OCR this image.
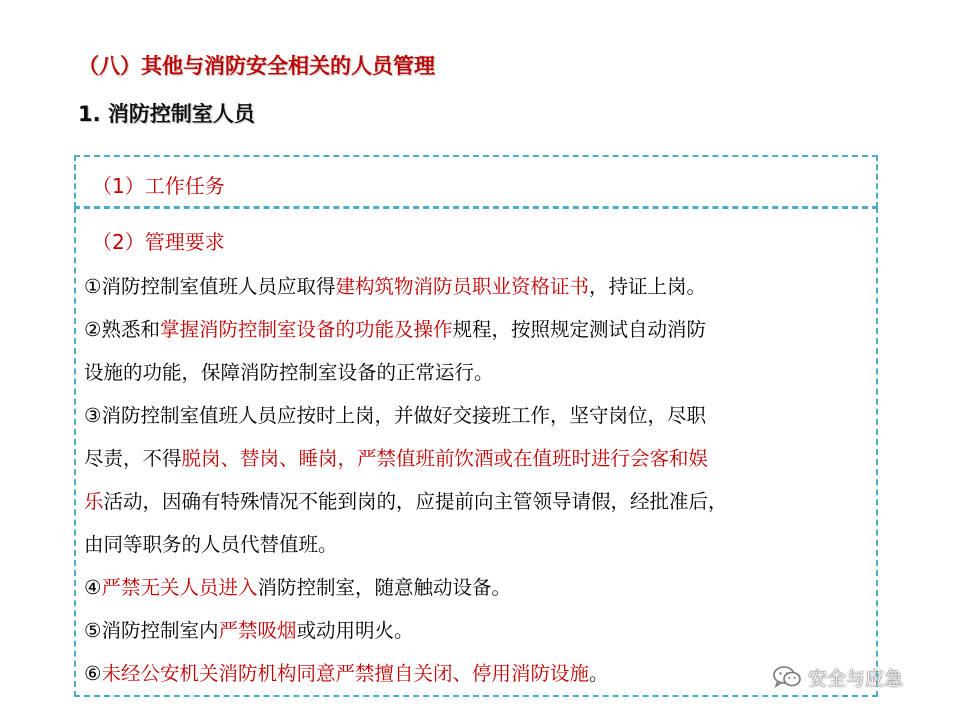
（八）其他与消防安全相关的人员管理
1. 消防控制室人员
（1）工作任务
（2）管理要求
①消防控制室值班人员应取得建构筑物消防员职业资格证书，持证上岗。
②熟悉和掌握消防控制室设备的功能及操作规程，按照规定测试自动消防
设施的功能，保障消防控制室设备的正常运行。
③消防控制室值班人员应按时上岗，并做好交接班工作，坚守岗位，尽职
尽责，不得脱岗、替岗、睡岗，严禁值班前饮酒或在值班时进行会客和娱
乐活动，因确有特殊情况不能到岗的，应提前向主管领导请假，经批准后，
由同等职务的人员代替值班。
④严禁无关人员进入消防控制室，随意触动设备。
⑤消防控制室内严禁吸烟或动用明火。
⑥未经公安机关消防机构同意严禁擅自关闭、停用消防设施。	安全与应急
